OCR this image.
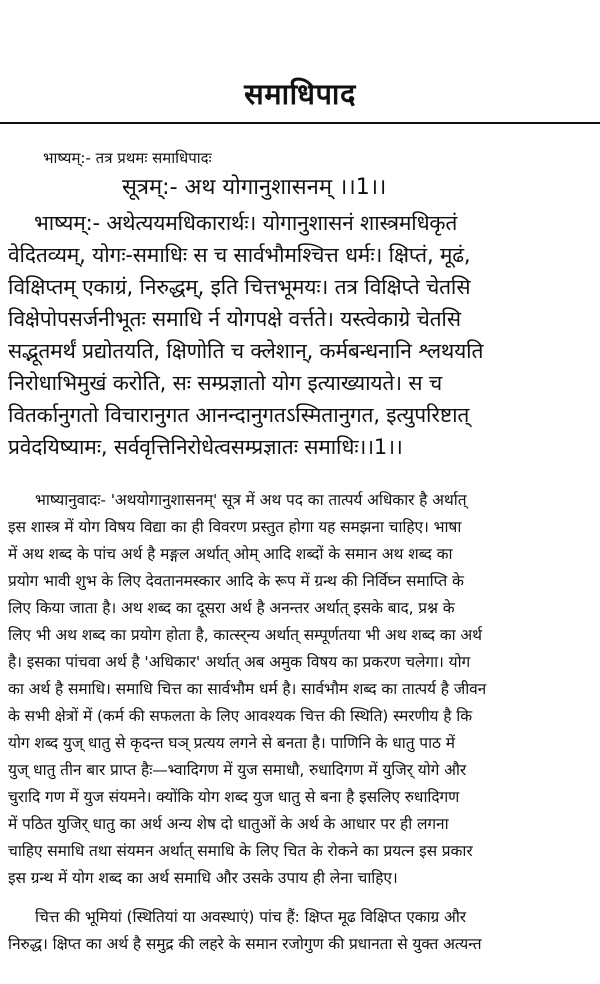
समाधिपाद
भाष्यम्:- तत्र प्रथमः समाधिपादः
सूत्रम्:- अथ योगानुशासनम् ।।1।।
भाष्यम्:- अथेत्ययमधिकारार्थः। योगानुशासनं शास्त्रमधिकृतं
वेदितव्यम्, योगः-समाधिः स च सार्वभौमश्चित्त धर्मः। क्षिप्तं, मूढं,
विक्षिप्तम् एकाग्रं, निरुद्धम्, इति चित्तभूमयः। तत्र विक्षिप्ते चेतसि
विक्षेपोपसर्जनीभूतः समाधि र्न योगपक्षे वर्त्तते। यस्त्वेकाग्रे चेतसि
सद्भूतमर्थं प्रद्योतयति, क्षिणोति च क्लेशान्, कर्मबन्धनानि श्लथयति
निरोधाभिमुखं करोति, सः सम्प्रज्ञातो योग इत्याख्यायते। स च
वितर्कानुगतो विचारानुगत आनन्दानुगतऽस्मितानुगत, इत्युपरिष्टात्
प्रवेदयिष्यामः, सर्ववृत्तिनिरोधेत्वसम्प्रज्ञातः समाधिः।।1।।
भाष्यानुवादः- 'अथयोगानुशासनम्' सूत्र में अथ पद का तात्पर्य अधिकार है अर्थात्
इस शास्त्र में योग विषय विद्या का ही विवरण प्रस्तुत होगा यह समझना चाहिए। भाषा
में अथ शब्द के पांच अर्थ है मङ्गल अर्थात् ओम् आदि शब्दों के समान अथ शब्द का
प्रयोग भावी शुभ के लिए देवतानमस्कार आदि के रूप में ग्रन्थ की निर्विघ्न समाप्ति के
लिए किया जाता है। अथ शब्द का दूसरा अर्थ है अनन्तर अर्थात् इसके बाद, प्रश्न के
लिए भी अथ शब्द का प्रयोग होता है, कात्स्‍र्न्य अर्थात् सम्पूर्णतया भी अथ शब्द का अर्थ
है। इसका पांचवा अर्थ है 'अधिकार' अर्थात् अब अमुक विषय का प्रकरण चलेगा। योग
का अर्थ है समाधि। समाधि चित्त का सार्वभौम धर्म है। सार्वभौम शब्द का तात्पर्य है जीवन
के सभी क्षेत्रों में (कर्म की सफलता के लिए आवश्यक चित्त की स्थिति) स्मरणीय है कि
योग शब्द युज् धातु से कृदन्त घञ् प्रत्यय लगने से बनता है। पाणिनि के धातु पाठ में
युज् धातु तीन बार प्राप्त हैः—भ्वादिगण में युज समाधौ, रुधादिगण में युजिर् योगे और
चुरादि गण में युज संयमने। क्योंकि योग शब्द युज धातु से बना है इसलिए रुधादिगण
में पठित युजिर् धातु का अर्थ अन्य शेष दो धातुओं के अर्थ के आधार पर ही लगना
चाहिए समाधि तथा संयमन अर्थात् समाधि के लिए चित के रोकने का प्रयत्न इस प्रकार
इस ग्रन्थ में योग शब्द का अर्थ समाधि और उसके उपाय ही लेना चाहिए।
चित्त की भूमियां (स्थितियां या अवस्थाएं) पांच हैं: क्षिप्त मूढ विक्षिप्त एकाग्र और
निरुद्ध। क्षिप्त का अर्थ है समुद्र की लहरे के समान रजोगुण की प्रधानता से युक्त अत्यन्त
